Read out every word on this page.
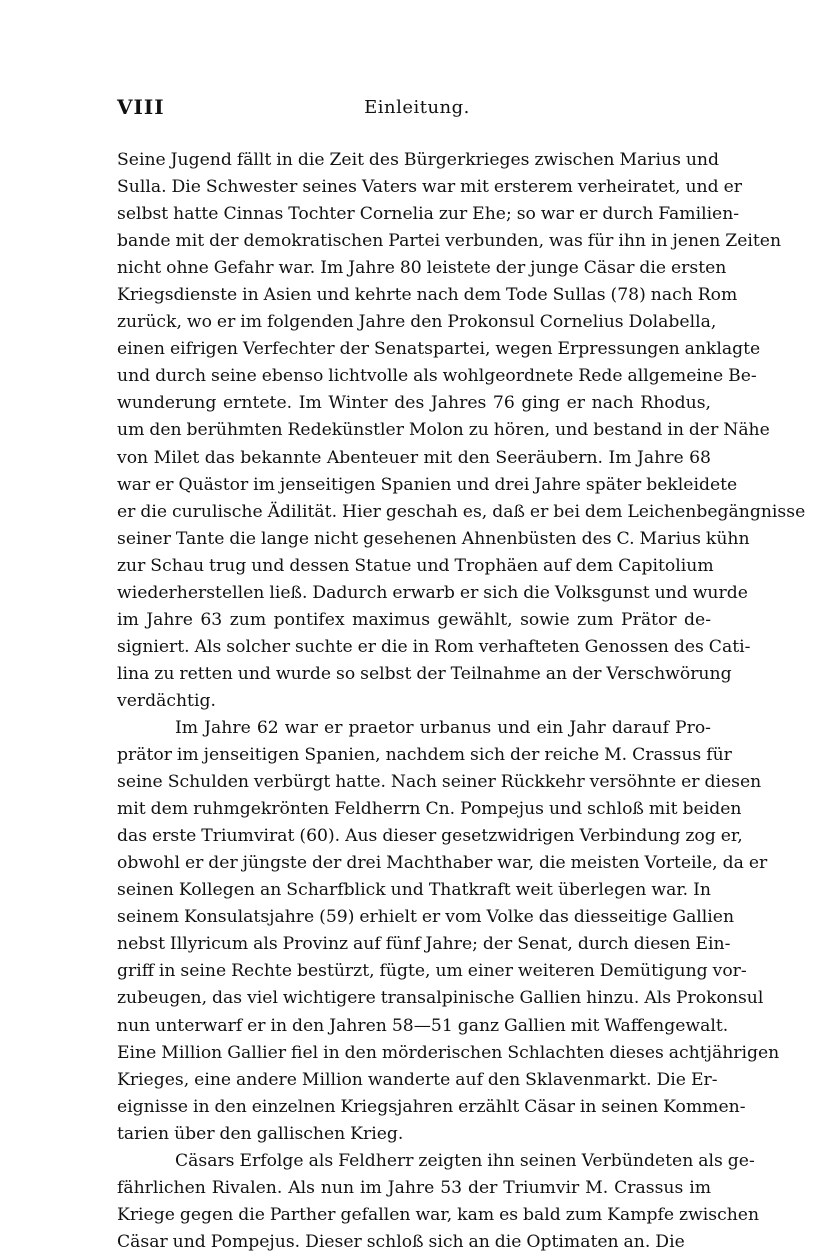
VIII	Einleitung.
Seine Jugend fällt in die Zeit des Bürgerkrieges zwischen Marius und
Sulla. Die Schwester seines Vaters war mit ersterem verheiratet, und er
selbst hatte Cinnas Tochter Cornelia zur Ehe; so war er durch Familien-
bande mit der demokratischen Partei verbunden, was für ihn in jenen Zeiten
nicht ohne Gefahr war. Im Jahre 80 leistete der junge Cäsar die ersten
Kriegsdienste in Asien und kehrte nach dem Tode Sullas (78) nach Rom
zurück, wo er im folgenden Jahre den Prokonsul Cornelius Dolabella,
einen eifrigen Verfechter der Senatspartei, wegen Erpressungen anklagte
und durch seine ebenso lichtvolle als wohlgeordnete Rede allgemeine Be-
wunderung erntete. Im Winter des Jahres 76 ging er nach Rhodus,
um den berühmten Redekünstler Molon zu hören, und bestand in der Nähe
von Milet das bekannte Abenteuer mit den Seeräubern. Im Jahre 68
war er Quästor im jenseitigen Spanien und drei Jahre später bekleidete
er die curulische Ädilität. Hier geschah es, daß er bei dem Leichenbegängnisse
seiner Tante die lange nicht gesehenen Ahnenbüsten des C. Marius kühn
zur Schau trug und dessen Statue und Trophäen auf dem Capitolium
wiederherstellen ließ. Dadurch erwarb er sich die Volksgunst und wurde
im Jahre 63 zum pontifex maximus gewählt, sowie zum Prätor de-
signiert. Als solcher suchte er die in Rom verhafteten Genossen des Cati-
lina zu retten und wurde so selbst der Teilnahme an der Verschwörung
verdächtig.
Im Jahre 62 war er praetor urbanus und ein Jahr darauf Pro-
prätor im jenseitigen Spanien, nachdem sich der reiche M. Crassus für
seine Schulden verbürgt hatte. Nach seiner Rückkehr versöhnte er diesen
mit dem ruhmgekrönten Feldherrn Cn. Pompejus und schloß mit beiden
das erste Triumvirat (60). Aus dieser gesetzwidrigen Verbindung zog er,
obwohl er der jüngste der drei Machthaber war, die meisten Vorteile, da er
seinen Kollegen an Scharfblick und Thatkraft weit überlegen war. In
seinem Konsulatsjahre (59) erhielt er vom Volke das diesseitige Gallien
nebst Illyricum als Provinz auf fünf Jahre; der Senat, durch diesen Ein-
griff in seine Rechte bestürzt, fügte, um einer weiteren Demütigung vor-
zubeugen, das viel wichtigere transalpinische Gallien hinzu. Als Prokonsul
nun unterwarf er in den Jahren 58—51 ganz Gallien mit Waffengewalt.
Eine Million Gallier fiel in den mörderischen Schlachten dieses achtjährigen
Krieges, eine andere Million wanderte auf den Sklavenmarkt. Die Er-
eignisse in den einzelnen Kriegsjahren erzählt Cäsar in seinen Kommen-
tarien über den gallischen Krieg.
Cäsars Erfolge als Feldherr zeigten ihn seinen Verbündeten als ge-
fährlichen Rivalen. Als nun im Jahre 53 der Triumvir M. Crassus im
Kriege gegen die Parther gefallen war, kam es bald zum Kampfe zwischen
Cäsar und Pompejus. Dieser schloß sich an die Optimaten an. Die
